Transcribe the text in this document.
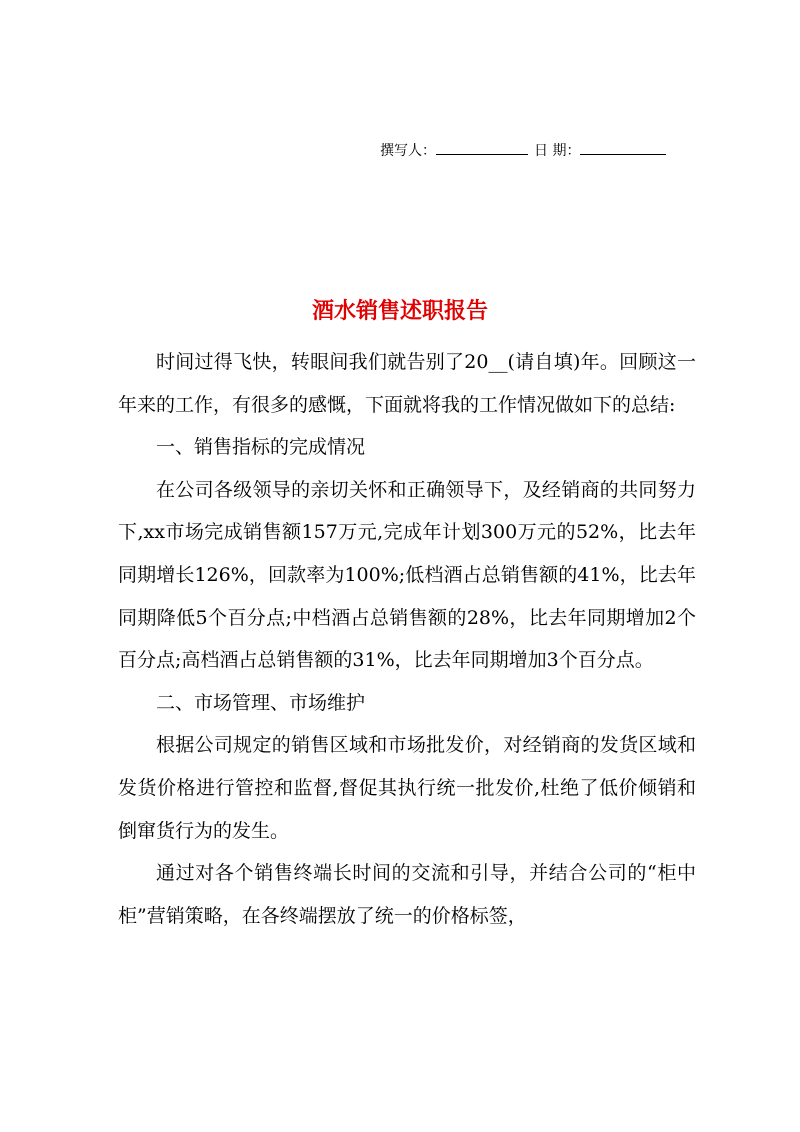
撰写人：	日 期：
酒水销售述职报告

时间过得飞快，转眼间我们就告别了20__(请自填)年。回顾这一年来的工作，有很多的感慨，下面就将我的工作情况做如下的总结:

一、销售指标的完成情况

在公司各级领导的亲切关怀和正确领导下，及经销商的共同努力下,xx市场完成销售额157万元,完成年计划300万元的52%，比去年同期增长126%，回款率为100%;低档酒占总销售额的41%，比去年同期降低5个百分点;中档酒占总销售额的28%，比去年同期增加2个百分点;高档酒占总销售额的31%，比去年同期增加3个百分点。

二、市场管理、市场维护

根据公司规定的销售区域和市场批发价，对经销商的发货区域和发货价格进行管控和监督,督促其执行统一批发价,杜绝了低价倾销和倒窜货行为的发生。

通过对各个销售终端长时间的交流和引导，并结合公司的“柜中柜”营销策略，在各终端摆放了统一的价格标签，
